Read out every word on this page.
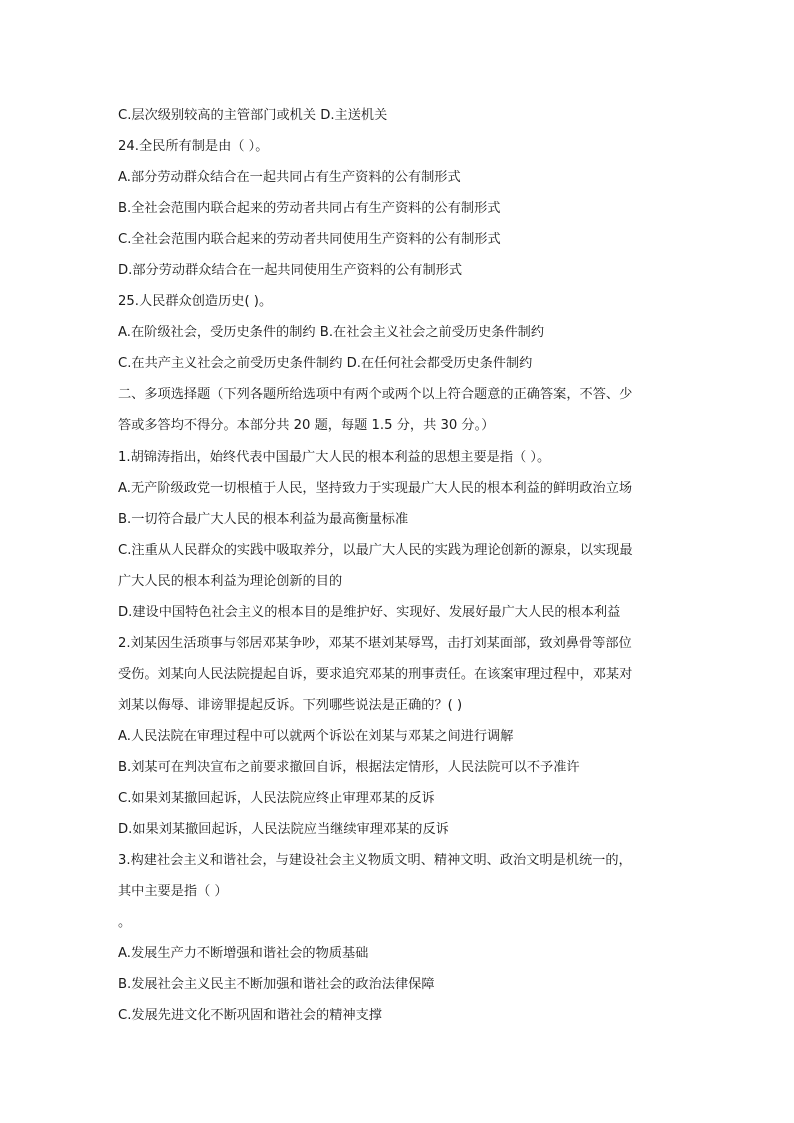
C.层次级别较高的主管部门或机关 D.主送机关
24.全民所有制是由（ ）。
A.部分劳动群众结合在一起共同占有生产资料的公有制形式
B.全社会范围内联合起来的劳动者共同占有生产资料的公有制形式
C.全社会范围内联合起来的劳动者共同使用生产资料的公有制形式
D.部分劳动群众结合在一起共同使用生产资料的公有制形式
25.人民群众创造历史( )。
A.在阶级社会，受历史条件的制约 B.在社会主义社会之前受历史条件制约
C.在共产主义社会之前受历史条件制约 D.在任何社会都受历史条件制约
二、多项选择题（下列各题所给选项中有两个或两个以上符合题意的正确答案，不答、少
答或多答均不得分。本部分共 20 题，每题 1.5 分，共 30 分。）
1.胡锦涛指出，始终代表中国最广大人民的根本利益的思想主要是指（ ）。
A.无产阶级政党一切根植于人民，坚持致力于实现最广大人民的根本利益的鲜明政治立场
B.一切符合最广大人民的根本利益为最高衡量标准
C.注重从人民群众的实践中吸取养分，以最广大人民的实践为理论创新的源泉，以实现最
广大人民的根本利益为理论创新的目的
D.建设中国特色社会主义的根本目的是维护好、实现好、发展好最广大人民的根本利益
2.刘某因生活琐事与邻居邓某争吵，邓某不堪刘某辱骂，击打刘某面部，致刘鼻骨等部位
受伤。刘某向人民法院提起自诉，要求追究邓某的刑事责任。在该案审理过程中，邓某对
刘某以侮辱、诽谤罪提起反诉。下列哪些说法是正确的？( )
A.人民法院在审理过程中可以就两个诉讼在刘某与邓某之间进行调解
B.刘某可在判决宣布之前要求撤回自诉，根据法定情形，人民法院可以不予准许
C.如果刘某撤回起诉，人民法院应终止审理邓某的反诉
D.如果刘某撤回起诉，人民法院应当继续审理邓某的反诉
3.构建社会主义和谐社会，与建设社会主义物质文明、精神文明、政治文明是机统一的，
其中主要是指（ ）
。
A.发展生产力不断增强和谐社会的物质基础
B.发展社会主义民主不断加强和谐社会的政治法律保障
C.发展先进文化不断巩固和谐社会的精神支撑
